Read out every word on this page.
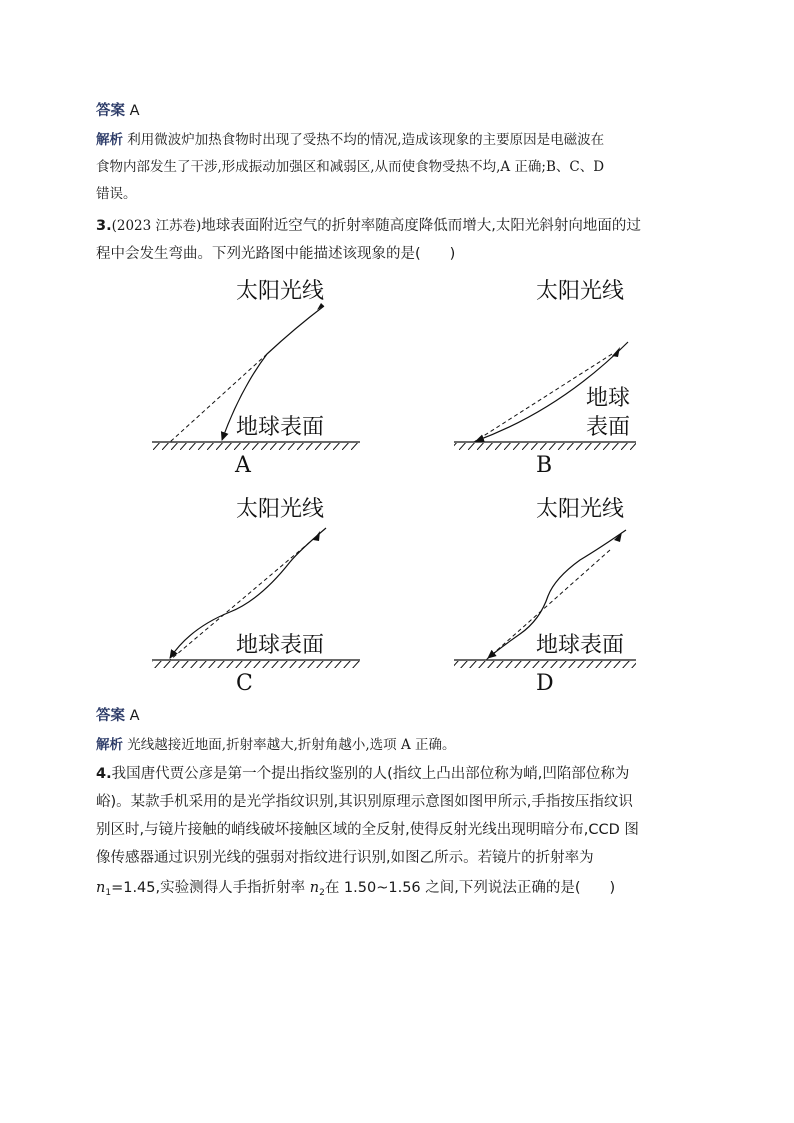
答案 A
解析 利用微波炉加热食物时出现了受热不均的情况,造成该现象的主要原因是电磁波在
食物内部发生了干涉,形成振动加强区和减弱区,从而使食物受热不均,A 正确;B、C、D
错误。
3.(2023 江苏卷)地球表面附近空气的折射率随高度降低而增大,太阳光斜射向地面的过
程中会发生弯曲。下列光路图中能描述该现象的是(　　)
太阳光线
地球表面
A
太阳光线
地球
表面
B
太阳光线
地球表面
C
太阳光线
地球表面
D
答案 A
解析 光线越接近地面,折射率越大,折射角越小,选项 A 正确。
4.我国唐代贾公彦是第一个提出指纹鉴别的人(指纹上凸出部位称为峭,凹陷部位称为
峪)。某款手机采用的是光学指纹识别,其识别原理示意图如图甲所示,手指按压指纹识
别区时,与镜片接触的峭线破坏接触区域的全反射,使得反射光线出现明暗分布,CCD 图
像传感器通过识别光线的强弱对指纹进行识别,如图乙所示。若镜片的折射率为
$n_1=1.45$,实验测得人手指折射率 $n_2$在 1.50~1.56 之间,下列说法正确的是(　　)
